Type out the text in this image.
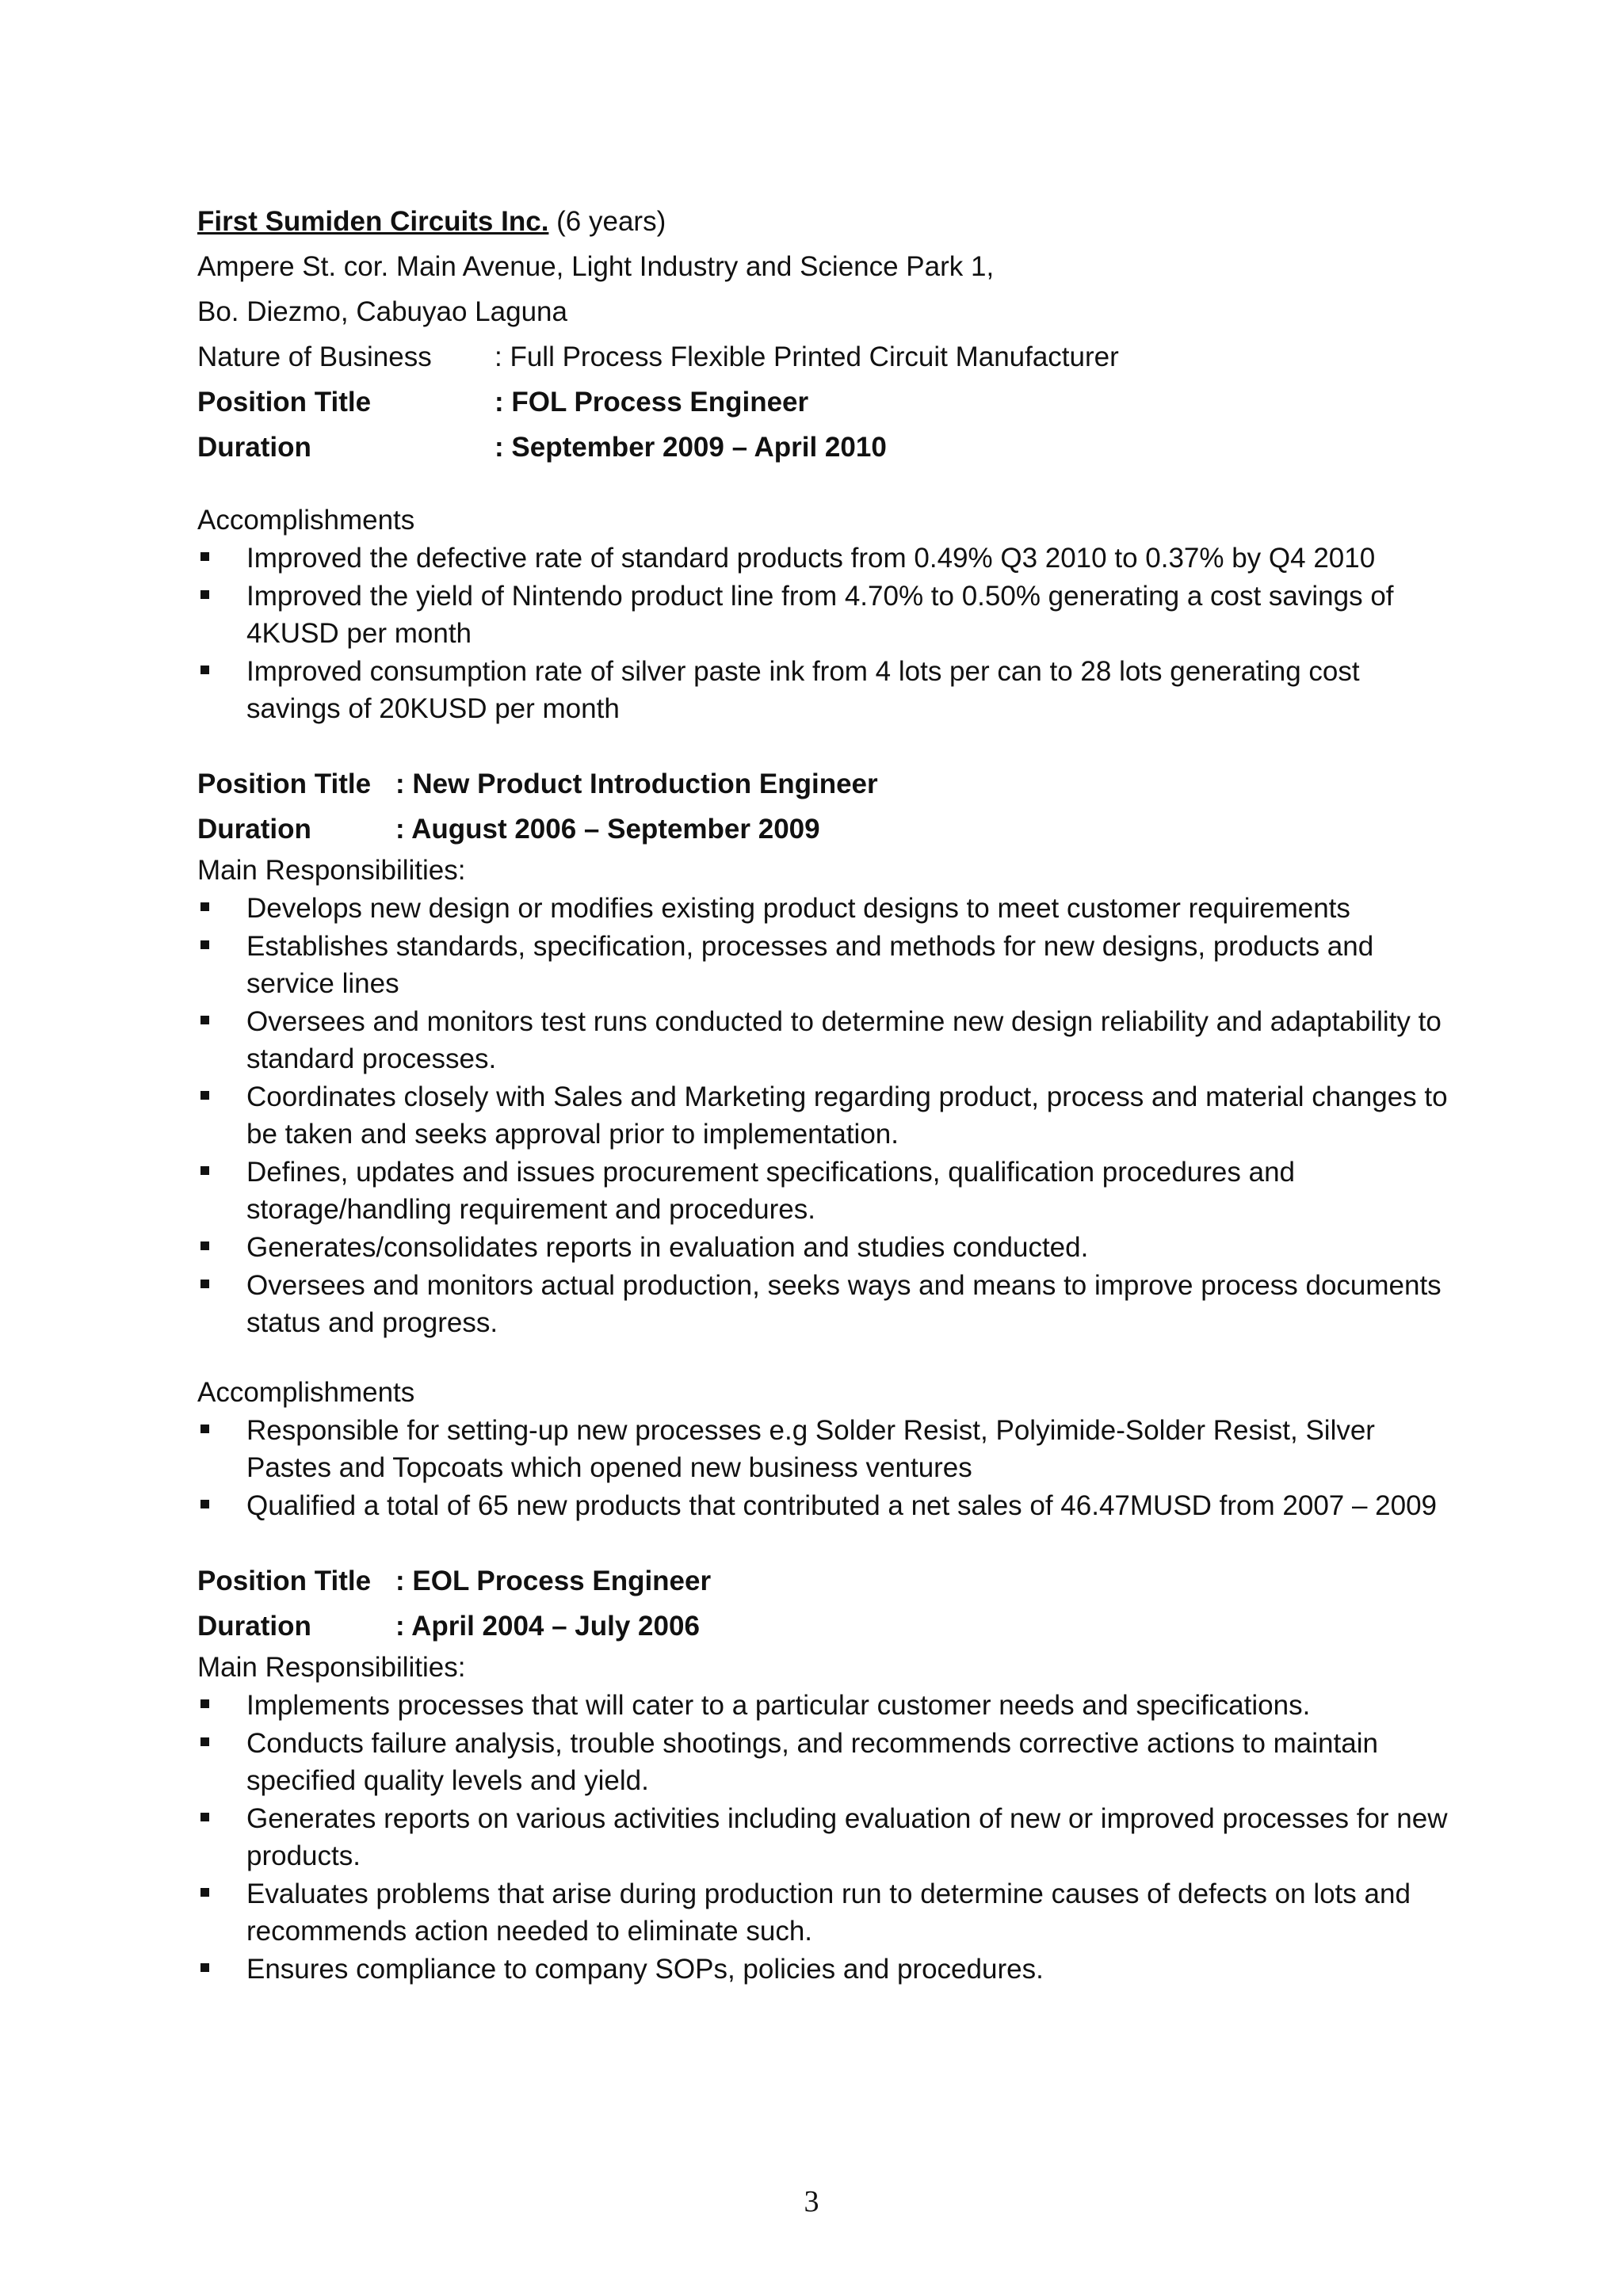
First Sumiden Circuits Inc. (6 years)
Ampere St. cor. Main Avenue, Light Industry and Science Park 1,
Bo. Diezmo, Cabuyao Laguna
Nature of Business	: Full Process Flexible Printed Circuit Manufacturer
Position Title	: FOL Process Engineer
Duration	: September 2009 – April 2010
Accomplishments
Improved the defective rate of standard products from 0.49% Q3 2010 to 0.37% by Q4 2010
Improved the yield of Nintendo product line from 4.70% to 0.50% generating a cost savings of 4KUSD per month
Improved consumption rate of silver paste ink from 4 lots per can to 28 lots generating cost savings of 20KUSD per month
Position Title : New Product Introduction Engineer
Duration	: August 2006 – September 2009
Main Responsibilities:
Develops new design or modifies existing product designs to meet customer requirements
Establishes standards, specification, processes and methods for new designs, products and service lines
Oversees and monitors test runs conducted to determine new design reliability and adaptability to standard processes.
Coordinates closely with Sales and Marketing regarding product, process and material changes to be taken and seeks approval prior to implementation.
Defines, updates and issues procurement specifications, qualification procedures and storage/handling requirement and procedures.
Generates/consolidates reports in evaluation and studies conducted.
Oversees and monitors actual production, seeks ways and means to improve process documents status and progress.
Accomplishments
Responsible for setting-up new processes e.g Solder Resist, Polyimide-Solder Resist, Silver Pastes and Topcoats which opened new business ventures
Qualified a total of 65 new products that contributed a net sales of 46.47MUSD from 2007 – 2009
Position Title : EOL Process Engineer
Duration	: April 2004 – July 2006
Main Responsibilities:
Implements processes that will cater to a particular customer needs and specifications.
Conducts failure analysis, trouble shootings, and recommends corrective actions to maintain specified quality levels and yield.
Generates reports on various activities including evaluation of new or improved processes for new products.
Evaluates problems that arise during production run to determine causes of defects on lots and recommends action needed to eliminate such.
Ensures compliance to company SOPs, policies and procedures.
3
